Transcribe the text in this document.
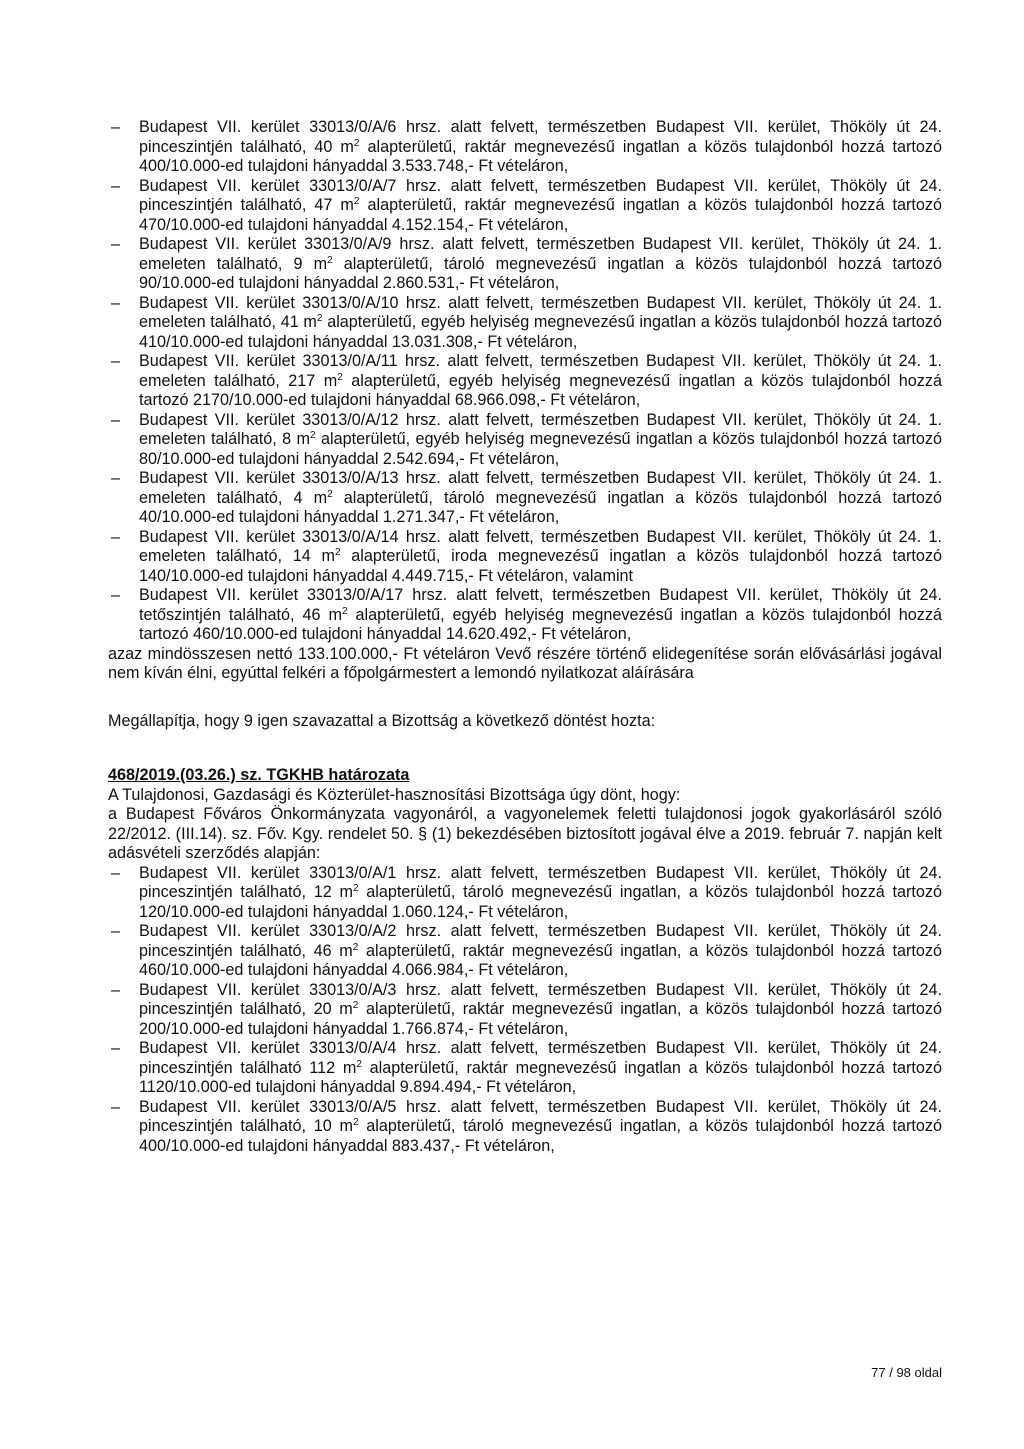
– Budapest VII. kerület 33013/0/A/6 hrsz. alatt felvett, természetben Budapest VII. kerület, Thököly út 24. pinceszintjén található, 40 $m^2$ alapterületű, raktár megnevezésű ingatlan a közös tulajdonból hozzá tartozó 400/10.000-ed tulajdoni hányaddal 3.533.748,- Ft vételáron,
– Budapest VII. kerület 33013/0/A/7 hrsz. alatt felvett, természetben Budapest VII. kerület, Thököly út 24. pinceszintjén található, 47 $m^2$ alapterületű, raktár megnevezésű ingatlan a közös tulajdonból hozzá tartozó 470/10.000-ed tulajdoni hányaddal 4.152.154,- Ft vételáron,
– Budapest VII. kerület 33013/0/A/9 hrsz. alatt felvett, természetben Budapest VII. kerület, Thököly út 24. 1. emeleten található, 9 $m^2$ alapterületű, tároló megnevezésű ingatlan a közös tulajdonból hozzá tartozó 90/10.000-ed tulajdoni hányaddal 2.860.531,- Ft vételáron,
– Budapest VII. kerület 33013/0/A/10 hrsz. alatt felvett, természetben Budapest VII. kerület, Thököly út 24. 1. emeleten található, 41 $m^2$ alapterületű, egyéb helyiség megnevezésű ingatlan a közös tulajdonból hozzá tartozó 410/10.000-ed tulajdoni hányaddal 13.031.308,- Ft vételáron,
– Budapest VII. kerület 33013/0/A/11 hrsz. alatt felvett, természetben Budapest VII. kerület, Thököly út 24. 1. emeleten található, 217 $m^2$ alapterületű, egyéb helyiség megnevezésű ingatlan a közös tulajdonból hozzá tartozó 2170/10.000-ed tulajdoni hányaddal 68.966.098,- Ft vételáron,
– Budapest VII. kerület 33013/0/A/12 hrsz. alatt felvett, természetben Budapest VII. kerület, Thököly út 24. 1. emeleten található, 8 $m^2$ alapterületű, egyéb helyiség megnevezésű ingatlan a közös tulajdonból hozzá tartozó 80/10.000-ed tulajdoni hányaddal 2.542.694,- Ft vételáron,
– Budapest VII. kerület 33013/0/A/13 hrsz. alatt felvett, természetben Budapest VII. kerület, Thököly út 24. 1. emeleten található, 4 $m^2$ alapterületű, tároló megnevezésű ingatlan a közös tulajdonból hozzá tartozó 40/10.000-ed tulajdoni hányaddal 1.271.347,- Ft vételáron,
– Budapest VII. kerület 33013/0/A/14 hrsz. alatt felvett, természetben Budapest VII. kerület, Thököly út 24. 1. emeleten található, 14 $m^2$ alapterületű, iroda megnevezésű ingatlan a közös tulajdonból hozzá tartozó 140/10.000-ed tulajdoni hányaddal 4.449.715,- Ft vételáron, valamint
– Budapest VII. kerület 33013/0/A/17 hrsz. alatt felvett, természetben Budapest VII. kerület, Thököly út 24. tetőszintjén található, 46 $m^2$ alapterületű, egyéb helyiség megnevezésű ingatlan a közös tulajdonból hozzá tartozó 460/10.000-ed tulajdoni hányaddal 14.620.492,- Ft vételáron,

azaz mindösszesen nettó 133.100.000,- Ft vételáron Vevő részére történő elidegenítése során elővásárlási jogával nem kíván élni, egyúttal felkéri a főpolgármestert a lemondó nyilatkozat aláírására

Megállapítja, hogy 9 igen szavazattal a Bizottság a következő döntést hozta:

468/2019.(03.26.) sz. TGKHB határozata

A Tulajdonosi, Gazdasági és Közterület-hasznosítási Bizottsága úgy dönt, hogy:

a Budapest Főváros Önkormányzata vagyonáról, a vagyonelemek feletti tulajdonosi jogok gyakorlásáról szóló 22/2012. (III.14). sz. Főv. Kgy. rendelet 50. § (1) bekezdésében biztosított jogával élve a 2019. február 7. napján kelt adásvételi szerződés alapján:

– Budapest VII. kerület 33013/0/A/1 hrsz. alatt felvett, természetben Budapest VII. kerület, Thököly út 24. pinceszintjén található, 12 $m^2$ alapterületű, tároló megnevezésű ingatlan, a közös tulajdonból hozzá tartozó 120/10.000-ed tulajdoni hányaddal 1.060.124,- Ft vételáron,
– Budapest VII. kerület 33013/0/A/2 hrsz. alatt felvett, természetben Budapest VII. kerület, Thököly út 24. pinceszintjén található, 46 $m^2$ alapterületű, raktár megnevezésű ingatlan, a közös tulajdonból hozzá tartozó 460/10.000-ed tulajdoni hányaddal 4.066.984,- Ft vételáron,
– Budapest VII. kerület 33013/0/A/3 hrsz. alatt felvett, természetben Budapest VII. kerület, Thököly út 24. pinceszintjén található, 20 $m^2$ alapterületű, raktár megnevezésű ingatlan, a közös tulajdonból hozzá tartozó 200/10.000-ed tulajdoni hányaddal 1.766.874,- Ft vételáron,
– Budapest VII. kerület 33013/0/A/4 hrsz. alatt felvett, természetben Budapest VII. kerület, Thököly út 24. pinceszintjén található 112 $m^2$ alapterületű, raktár megnevezésű ingatlan a közös tulajdonból hozzá tartozó 1120/10.000-ed tulajdoni hányaddal 9.894.494,- Ft vételáron,
– Budapest VII. kerület 33013/0/A/5 hrsz. alatt felvett, természetben Budapest VII. kerület, Thököly út 24. pinceszintjén található, 10 $m^2$ alapterületű, tároló megnevezésű ingatlan, a közös tulajdonból hozzá tartozó 400/10.000-ed tulajdoni hányaddal 883.437,- Ft vételáron,
77 / 98 oldal
